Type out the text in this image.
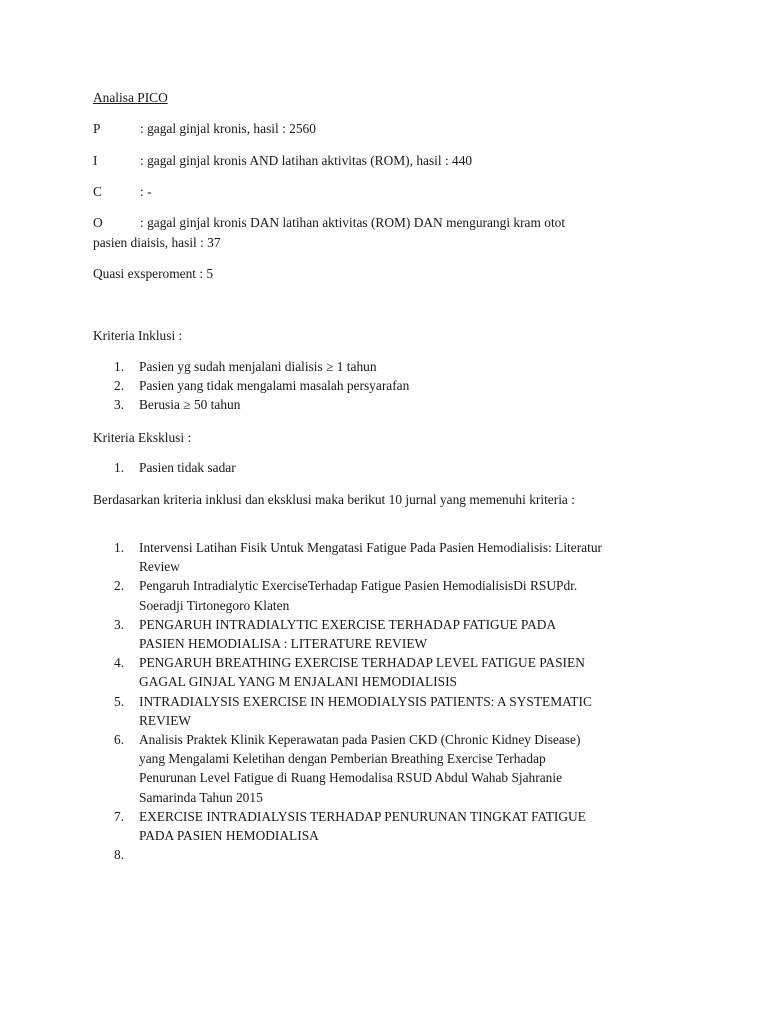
Analisa PICO
P	: gagal ginjal kronis, hasil : 2560
I	: gagal ginjal kronis AND latihan aktivitas (ROM), hasil : 440
C	: -
O	: gagal ginjal kronis DAN latihan aktivitas (ROM) DAN mengurangi kram otot
pasien diaisis, hasil : 37
Quasi exsperoment : 5
Kriteria Inklusi :
1. Pasien yg sudah menjalani dialisis ≥ 1 tahun
2. Pasien yang tidak mengalami masalah persyarafan
3. Berusia ≥ 50 tahun
Kriteria Eksklusi :
1. Pasien tidak sadar
Berdasarkan kriteria inklusi dan eksklusi maka berikut 10 jurnal yang memenuhi kriteria :
1. Intervensi Latihan Fisik Untuk Mengatasi Fatigue Pada Pasien Hemodialisis: Literatur
Review
2. Pengaruh Intradialytic ExerciseTerhadap Fatigue Pasien HemodialisisDi RSUPdr.
Soeradji Tirtonegoro Klaten
3. PENGARUH INTRADIALYTIC EXERCISE TERHADAP FATIGUE PADA
PASIEN HEMODIALISA : LITERATURE REVIEW
4. PENGARUH BREATHING EXERCISE TERHADAP LEVEL FATIGUE PASIEN
GAGAL GINJAL YANG M ENJALANI HEMODIALISIS
5. INTRADIALYSIS EXERCISE IN HEMODIALYSIS PATIENTS: A SYSTEMATIC
REVIEW
6. Analisis Praktek Klinik Keperawatan pada Pasien CKD (Chronic Kidney Disease)
yang Mengalami Keletihan dengan Pemberian Breathing Exercise Terhadap
Penurunan Level Fatigue di Ruang Hemodalisa RSUD Abdul Wahab Sjahranie
Samarinda Tahun 2015
7. EXERCISE INTRADIALYSIS TERHADAP PENURUNAN TINGKAT FATIGUE
PADA PASIEN HEMODIALISA
8.
